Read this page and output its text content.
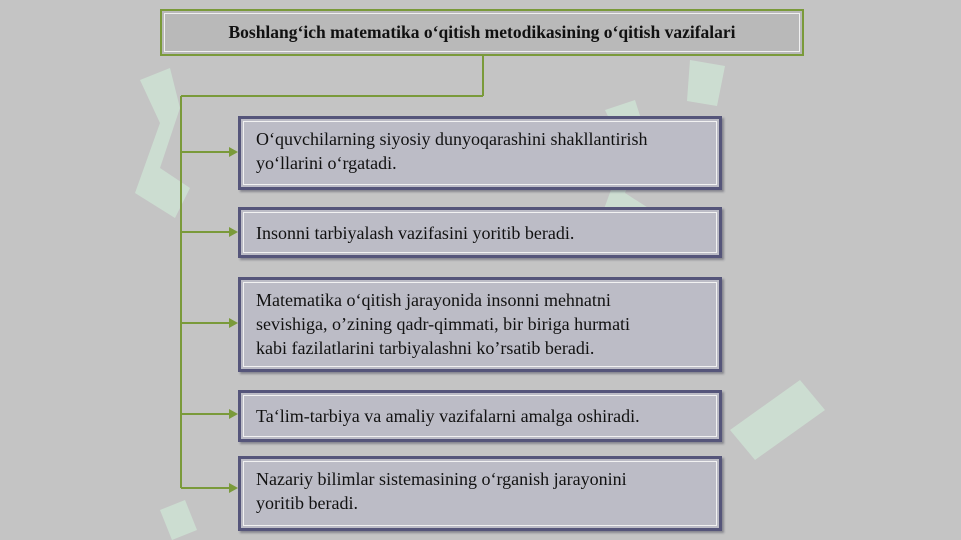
Boshlang‘ich matematika o‘qitish metodikasining o‘qitish vazifalari
O‘quvchilarning siyosiy dunyoqarashini shakllantirish
yo‘llarini o‘rgatadi.
Insonni tarbiyalash vazifasini yoritib beradi.
Matematika o‘qitish jarayonida insonni mehnatni
sevishiga, o’zining qadr-qimmati, bir biriga hurmati
kabi fazilatlarini tarbiyalashni ko’rsatib beradi.
Ta‘lim-tarbiya va amaliy vazifalarni amalga oshiradi.
Nazariy bilimlar sistemasining o‘rganish jarayonini
yoritib beradi.
